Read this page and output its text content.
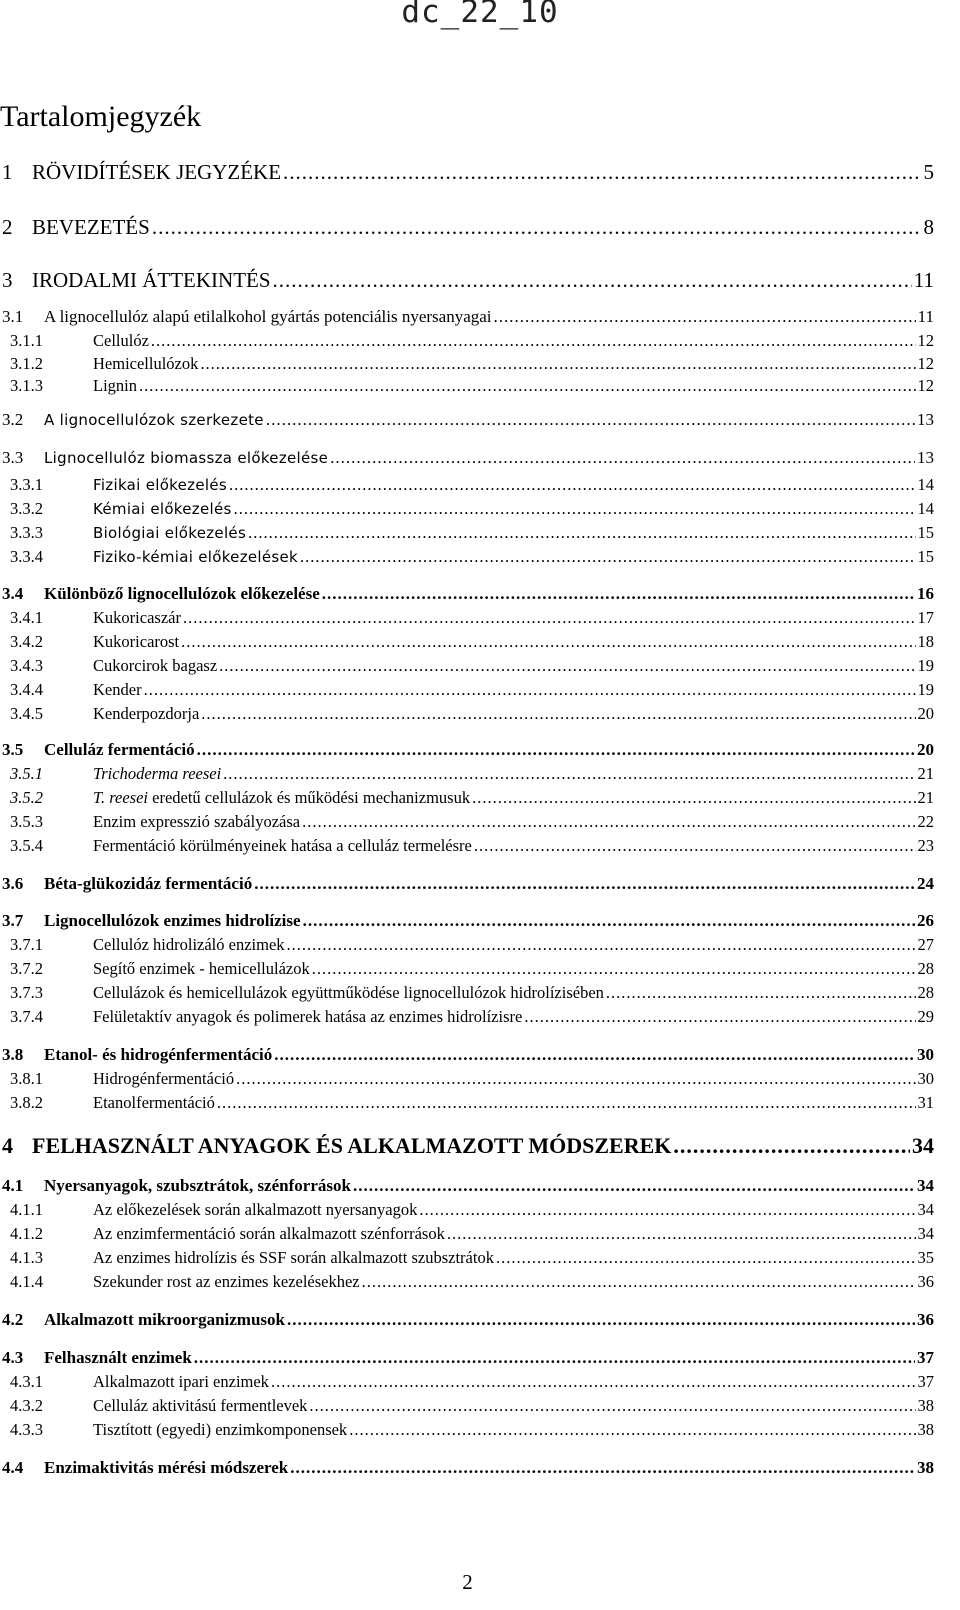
dc_22_10
Tartalomjegyzék
1 RÖVIDÍTÉSEK JEGYZÉKE .....	5
2 BEVEZETÉS .....	8
3 IRODALMI ÁTTEKINTÉS .....	11
3.1	A lignocellulóz alapú etilalkohol gyártás potenciális nyersanyagai .....	11
3.1.1	Cellulóz .....	12
3.1.2	Hemicellulózok .....	12
3.1.3	Lignin .....	12
3.2	A lignocellulózok szerkezete .....	13
3.3	Lignocellulóz biomassza előkezelése .....	13
3.3.1	Fizikai előkezelés .....	14
3.3.2	Kémiai előkezelés .....	14
3.3.3	Biológiai előkezelés .....	15
3.3.4	Fiziko-kémiai előkezelések .....	15
3.4	Különböző lignocellulózok előkezelése .....	16
3.4.1	Kukoricaszár .....	17
3.4.2	Kukoricarost .....	18
3.4.3	Cukorcirok bagasz .....	19
3.4.4	Kender .....	19
3.4.5	Kenderpozdorja .....	20
3.5	Celluláz fermentáció .....	20
3.5.1	Trichoderma reesei .....	21
3.5.2	T. reesei eredetű cellulázok és működési mechanizmusuk .....	21
3.5.3	Enzim expresszió szabályozása .....	22
3.5.4	Fermentáció körülményeinek hatása a celluláz termelésre .....	23
3.6	Béta-glükozidáz fermentáció .....	24
3.7	Lignocellulózok enzimes hidrolízise .....	26
3.7.1	Cellulóz hidrolizáló enzimek .....	27
3.7.2	Segítő enzimek - hemicellulázok .....	28
3.7.3	Cellulázok és hemicellulázok együttműködése lignocellulózok hidrolízisében .....	28
3.7.4	Felületaktív anyagok és polimerek hatása az enzimes hidrolízisre .....	29
3.8	Etanol- és hidrogénfermentáció .....	30
3.8.1	Hidrogénfermentáció .....	30
3.8.2	Etanolfermentáció .....	31
4 FELHASZNÁLT ANYAGOK ÉS ALKALMAZOTT MÓDSZEREK .....	34
4.1	Nyersanyagok, szubsztrátok, szénforrások .....	34
4.1.1	Az előkezelések során alkalmazott nyersanyagok .....	34
4.1.2	Az enzimfermentáció során alkalmazott szénforrások .....	34
4.1.3	Az enzimes hidrolízis és SSF során alkalmazott szubsztrátok .....	35
4.1.4	Szekunder rost az enzimes kezelésekhez .....	36
4.2	Alkalmazott mikroorganizmusok .....	36
4.3	Felhasznált enzimek .....	37
4.3.1	Alkalmazott ipari enzimek .....	37
4.3.2	Celluláz aktivitású fermentlevek .....	38
4.3.3	Tisztított (egyedi) enzimkomponensek .....	38
4.4	Enzimaktivitás mérési módszerek .....	38
2
